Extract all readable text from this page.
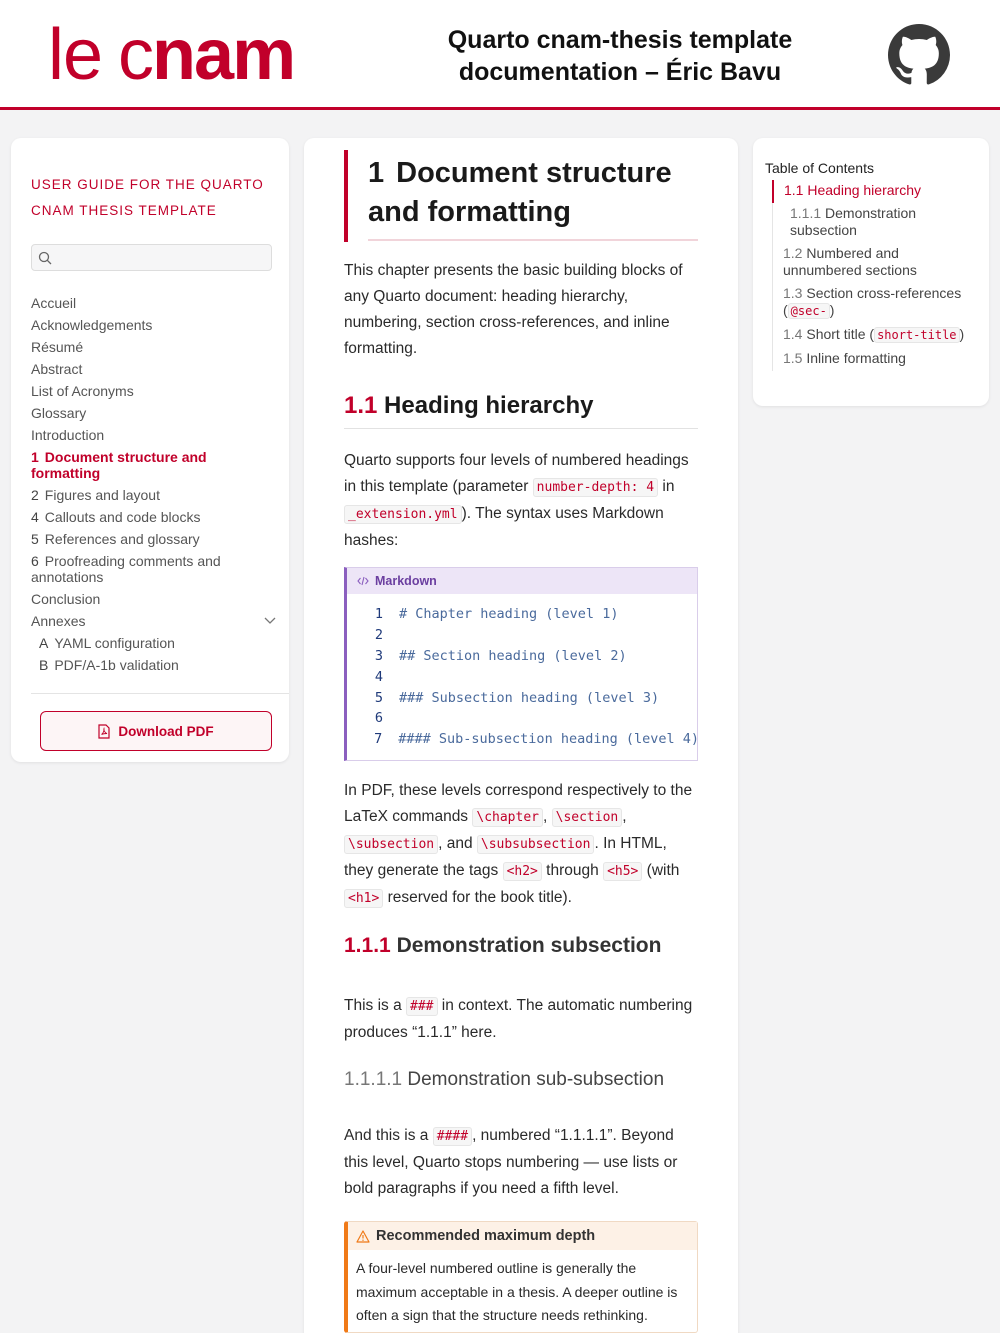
le cnam	Quarto cnam-thesis template documentation – Éric Bavu
USER GUIDE FOR THE QUARTO CNAM THESIS TEMPLATE
Accueil
Acknowledgements
Résumé
Abstract
List of Acronyms
Glossary
Introduction
1 Document structure and formatting
2 Figures and layout
4 Callouts and code blocks
5 References and glossary
6 Proofreading comments and annotations
Conclusion
Annexes
A YAML configuration
B PDF/A-1b validation
Download PDF
1 Document structure and formatting
This chapter presents the basic building blocks of any Quarto document: heading hierarchy, numbering, section cross-references, and inline formatting.
1.1 Heading hierarchy
Quarto supports four levels of numbered headings in this template (parameter number-depth: 4 in _extension.yml ). The syntax uses Markdown hashes:
Markdown
1 # Chapter heading (level 1)
2
3 ## Section heading (level 2)
4
5 ### Subsection heading (level 3)
6
7 #### Sub-subsection heading (level 4)
In PDF, these levels correspond respectively to the LaTeX commands \chapter , \section , \subsection , and \subsubsection . In HTML, they generate the tags <h2> through <h5> (with <h1> reserved for the book title).
1.1.1 Demonstration subsection
This is a ### in context. The automatic numbering produces “1.1.1” here.
1.1.1.1 Demonstration sub-subsection
And this is a #### , numbered “1.1.1.1”. Beyond this level, Quarto stops numbering — use lists or bold paragraphs if you need a fifth level.
Recommended maximum depth
A four-level numbered outline is generally the maximum acceptable in a thesis. A deeper outline is often a sign that the structure needs rethinking.
Table of Contents
1.1 Heading hierarchy
1.1.1 Demonstration subsection
1.2 Numbered and unnumbered sections
1.3 Section cross-references ( @sec- )
1.4 Short title ( short-title )
1.5 Inline formatting
